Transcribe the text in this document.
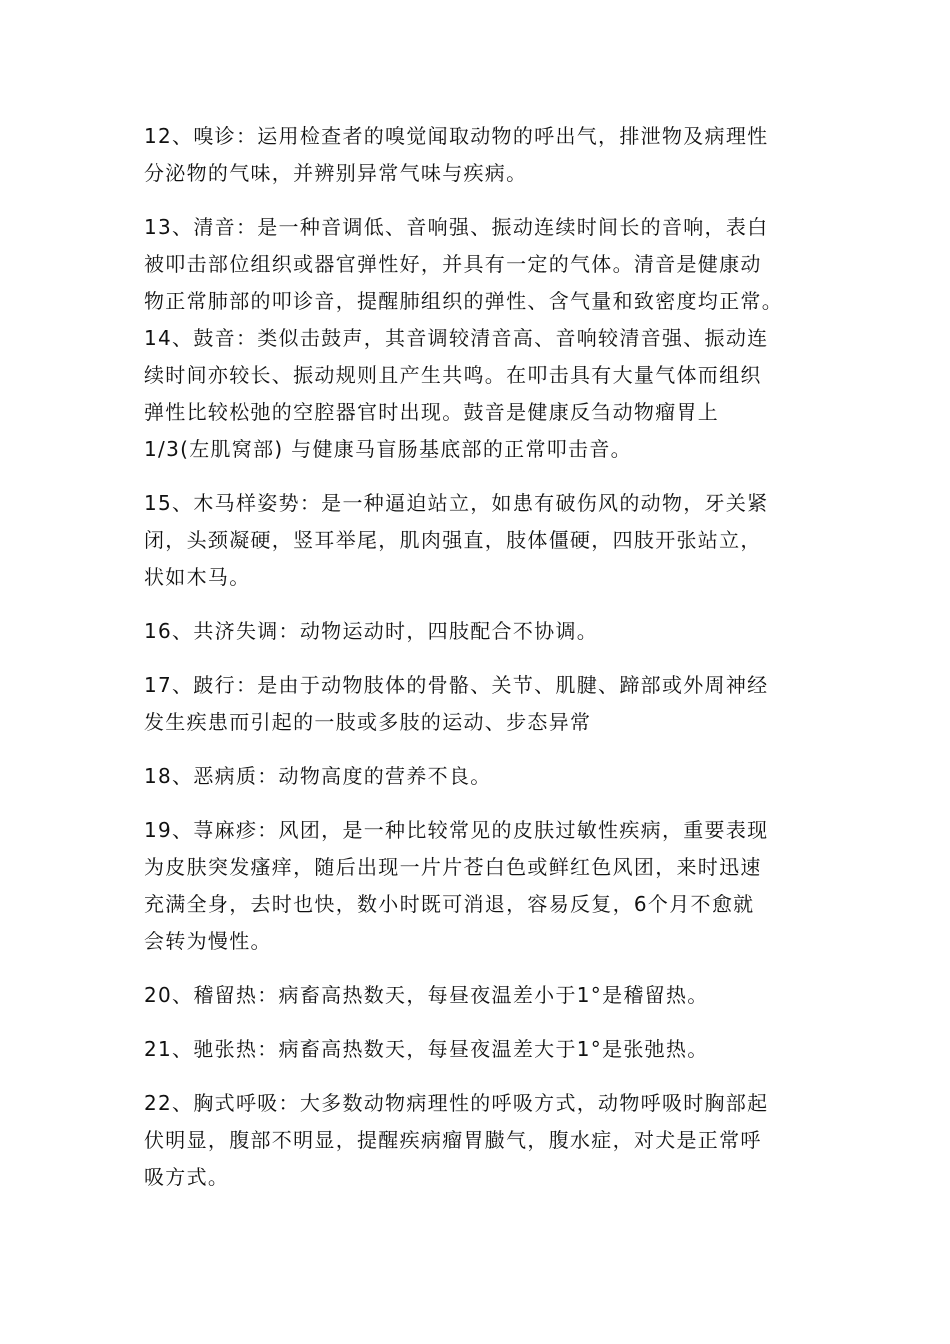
12、嗅诊：运用检查者的嗅觉闻取动物的呼出气，排泄物及病理性
分泌物的气味，并辨别异常气味与疾病。

13、清音：是一种音调低、音响强、振动连续时间长的音响，表白
被叩击部位组织或器官弹性好，并具有一定的气体。清音是健康动
物正常肺部的叩诊音，提醒肺组织的弹性、含气量和致密度均正常。

14、鼓音：类似击鼓声，其音调较清音高、音响较清音强、振动连
续时间亦较长、振动规则且产生共鸣。在叩击具有大量气体而组织
弹性比较松弛的空腔器官时出现。鼓音是健康反刍动物瘤胃上
1/3(左肌窝部) 与健康马盲肠基底部的正常叩击音。

15、木马样姿势：是一种逼迫站立，如患有破伤风的动物，牙关紧
闭，头颈凝硬，竖耳举尾，肌肉强直，肢体僵硬，四肢开张站立，
状如木马。

16、共济失调：动物运动时，四肢配合不协调。

17、跛行：是由于动物肢体的骨骼、关节、肌腱、蹄部或外周神经
发生疾患而引起的一肢或多肢的运动、步态异常

18、恶病质：动物高度的营养不良。

19、荨麻疹：风团，是一种比较常见的皮肤过敏性疾病，重要表现
为皮肤突发瘙痒，随后出现一片片苍白色或鲜红色风团，来时迅速
充满全身，去时也快，数小时既可消退，容易反复，6个月不愈就
会转为慢性。

20、稽留热：病畜高热数天，每昼夜温差小于1°是稽留热。

21、驰张热：病畜高热数天，每昼夜温差大于1°是张弛热。

22、胸式呼吸：大多数动物病理性的呼吸方式，动物呼吸时胸部起
伏明显，腹部不明显，提醒疾病瘤胃臌气，腹水症，对犬是正常呼
吸方式。
